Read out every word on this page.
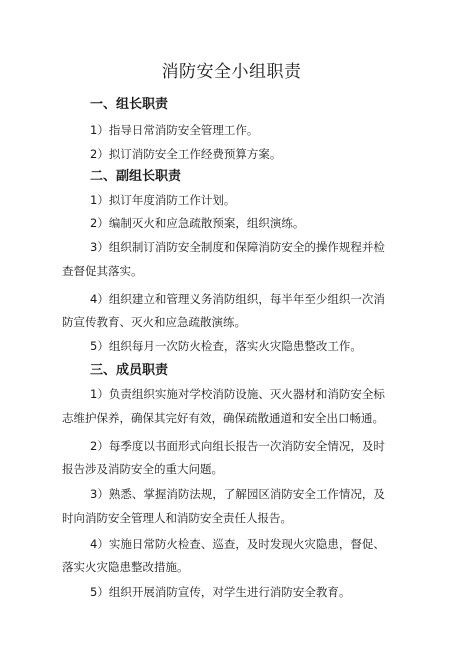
消防安全小组职责
一、组长职责
1）指导日常消防安全管理工作。
2）拟订消防安全工作经费预算方案。
二、副组长职责
1）拟订年度消防工作计划。
2）编制灭火和应急疏散预案，组织演练。
3）组织制订消防安全制度和保障消防安全的操作规程并检
查督促其落实。
4）组织建立和管理义务消防组织，每半年至少组织一次消
防宣传教育、灭火和应急疏散演练。
5）组织每月一次防火检查，落实火灾隐患整改工作。
三、成员职责
1）负责组织实施对学校消防设施、灭火器材和消防安全标
志维护保养，确保其完好有效，确保疏散通道和安全出口畅通。
2）每季度以书面形式向组长报告一次消防安全情况，及时
报告涉及消防安全的重大问题。
3）熟悉、掌握消防法规，了解园区消防安全工作情况，及
时向消防安全管理人和消防安全责任人报告。
4）实施日常防火检查、巡查，及时发现火灾隐患，督促、
落实火灾隐患整改措施。
5）组织开展消防宣传，对学生进行消防安全教育。
